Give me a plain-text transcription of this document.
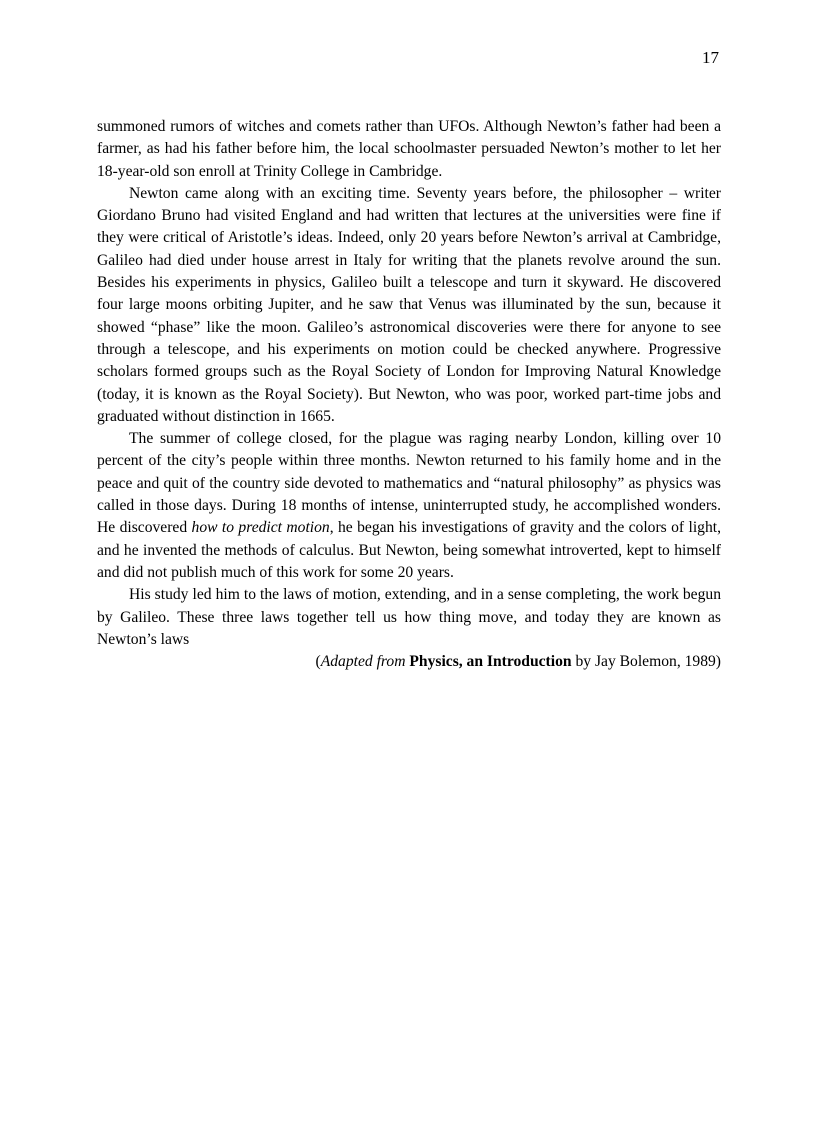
17

summoned rumors of witches and comets rather than UFOs. Although Newton’s father had been a farmer, as had his father before him, the local schoolmaster persuaded Newton’s mother to let her 18-year-old son enroll at Trinity College in Cambridge.

Newton came along with an exciting time. Seventy years before, the philosopher – writer Giordano Bruno had visited England and had written that lectures at the universities were fine if they were critical of Aristotle’s ideas. Indeed, only 20 years before Newton’s arrival at Cambridge, Galileo had died under house arrest in Italy for writing that the planets revolve around the sun. Besides his experiments in physics, Galileo built a telescope and turn it skyward. He discovered four large moons orbiting Jupiter, and he saw that Venus was illuminated by the sun, because it showed “phase” like the moon. Galileo’s astronomical discoveries were there for anyone to see through a telescope, and his experiments on motion could be checked anywhere. Progressive scholars formed groups such as the Royal Society of London for Improving Natural Knowledge (today, it is known as the Royal Society). But Newton, who was poor, worked part-time jobs and graduated without distinction in 1665.

The summer of college closed, for the plague was raging nearby London, killing over 10 percent of the city’s people within three months. Newton returned to his family home and in the peace and quit of the country side devoted to mathematics and “natural philosophy” as physics was called in those days. During 18 months of intense, uninterrupted study, he accomplished wonders. He discovered how to predict motion, he began his investigations of gravity and the colors of light, and he invented the methods of calculus. But Newton, being somewhat introverted, kept to himself and did not publish much of this work for some 20 years.

His study led him to the laws of motion, extending, and in a sense completing, the work begun by Galileo. These three laws together tell us how thing move, and today they are known as Newton’s laws

(Adapted from Physics, an Introduction by Jay Bolemon, 1989)
